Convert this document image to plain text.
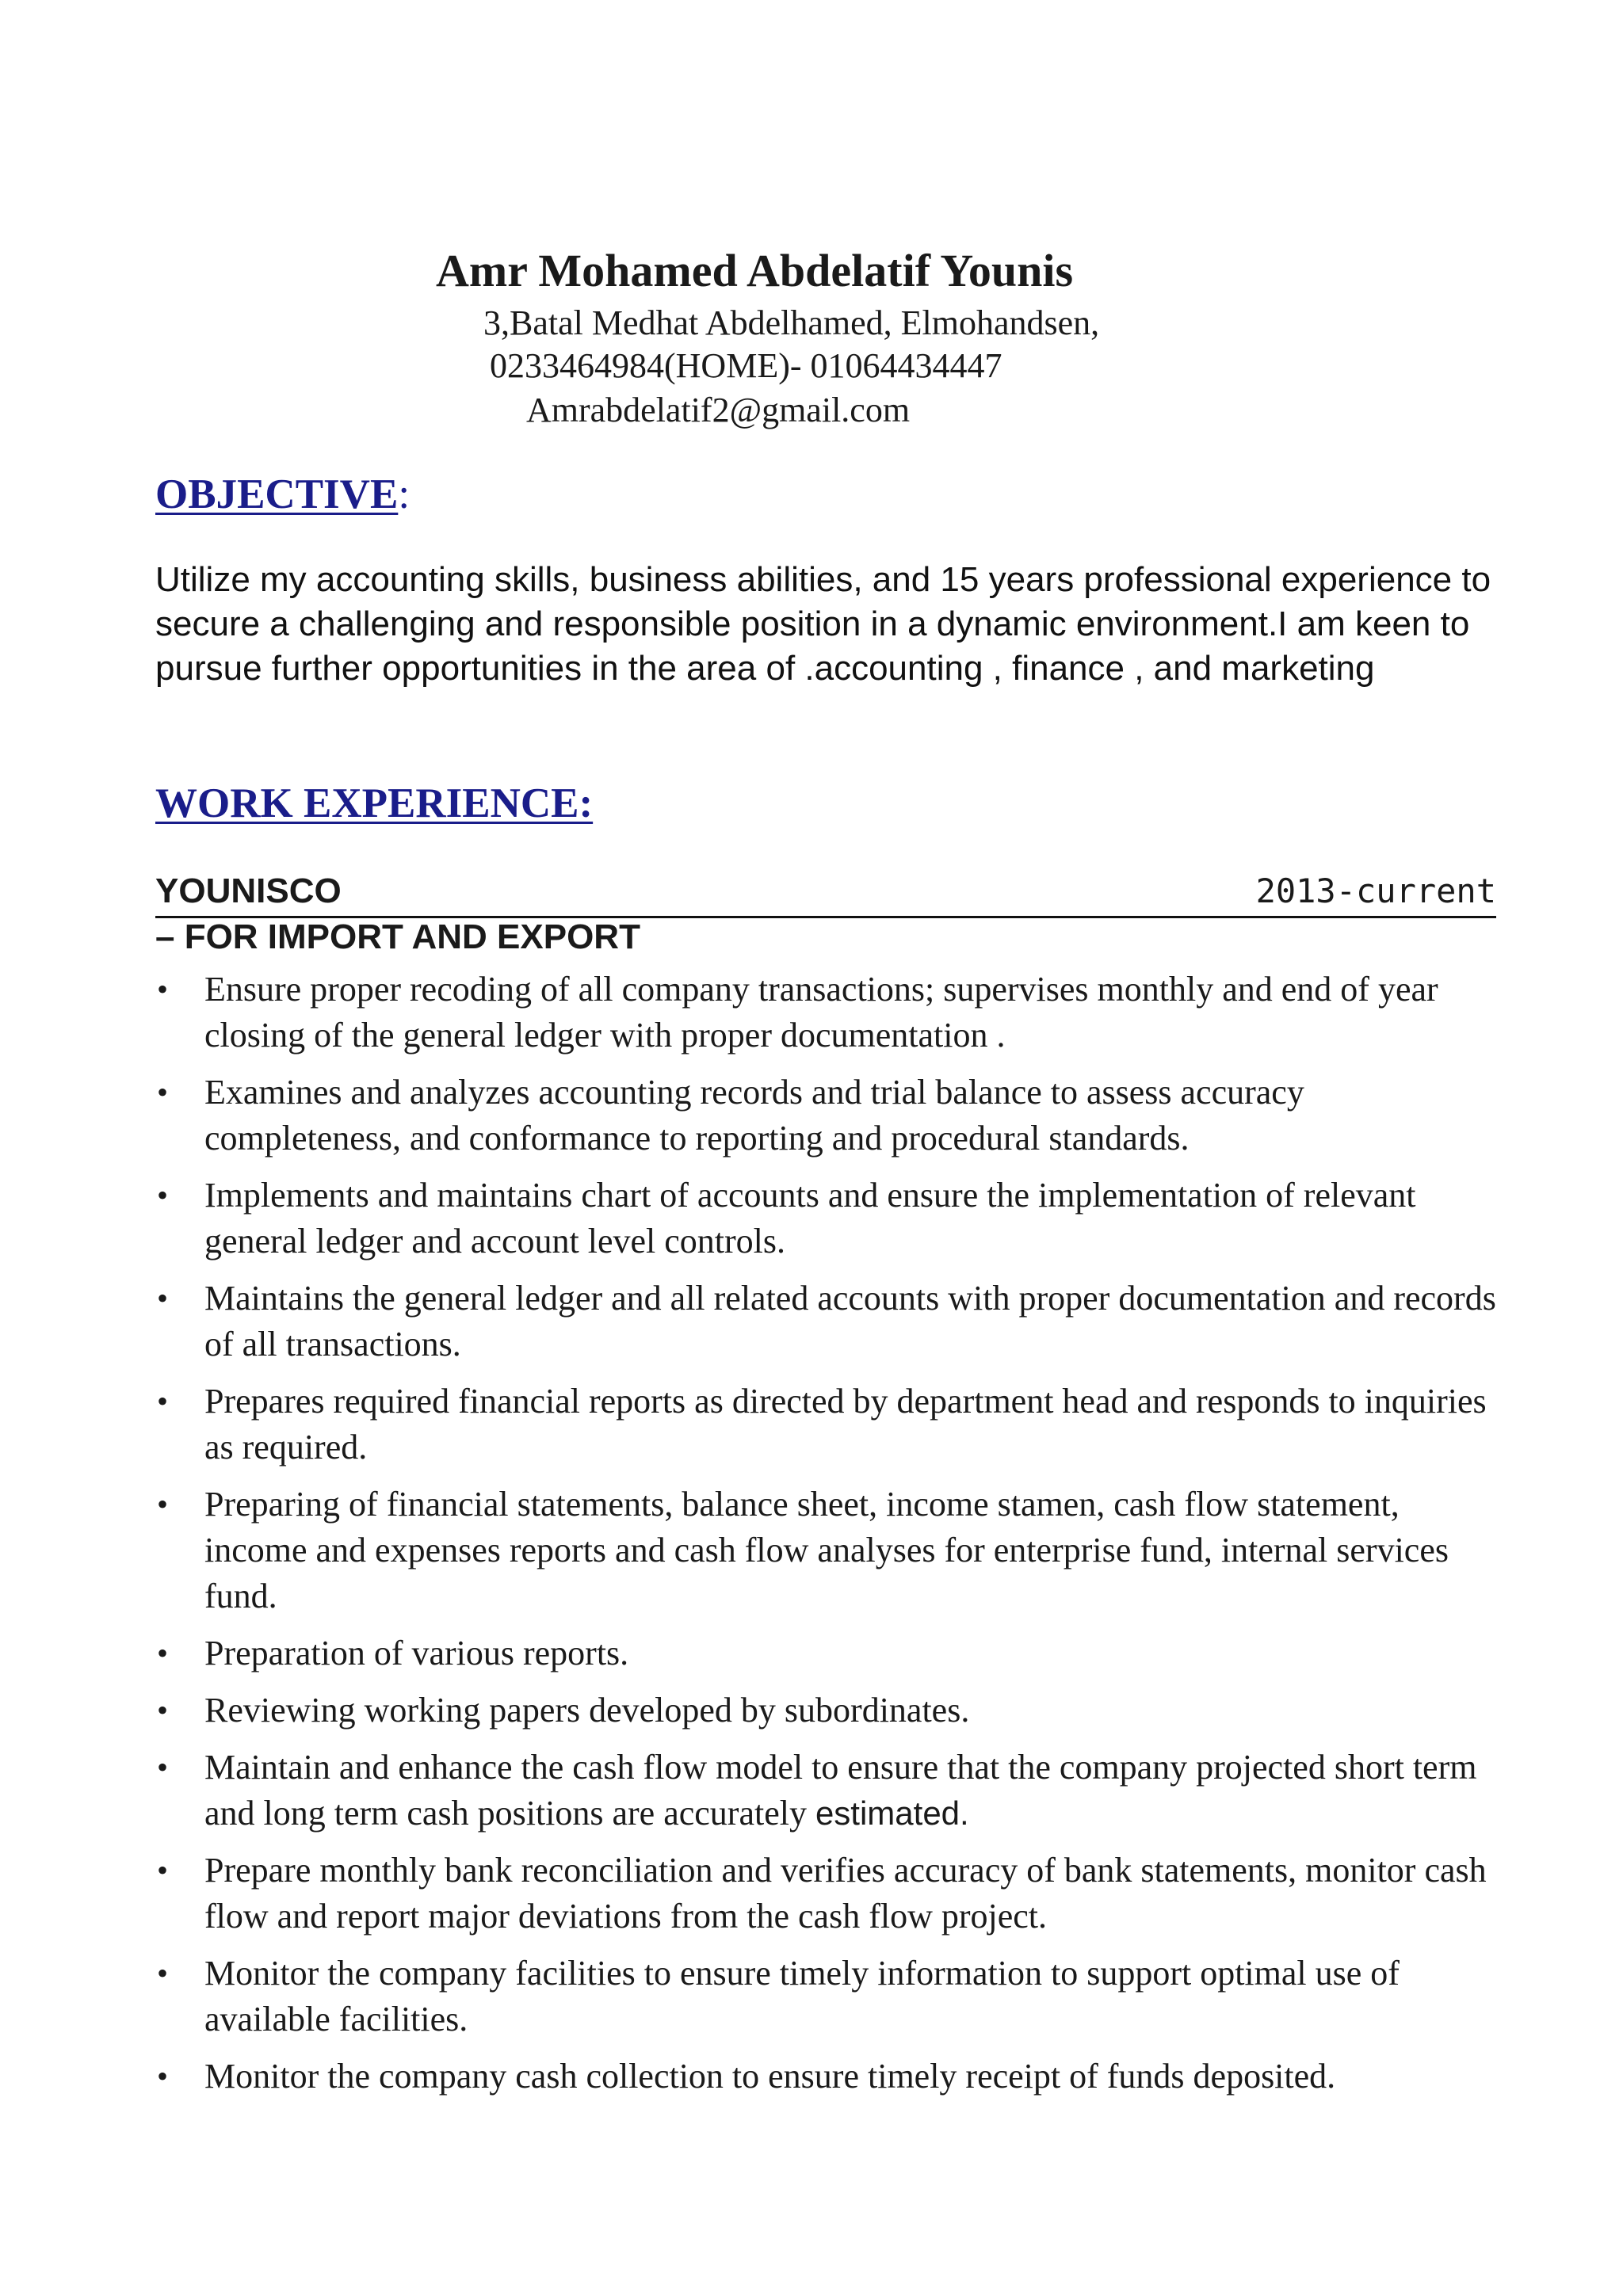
Amr Mohamed Abdelatif Younis
3,Batal Medhat Abdelhamed, Elmohandsen,
0233464984(HOME)- 01064434447
Amrabdelatif2@gmail.com
OBJECTIVE:
Utilize my accounting skills, business abilities, and 15 years professional experience to secure a challenging and responsible position in a dynamic environment.I am keen to pursue further opportunities in the area of .accounting , finance , and marketing
WORK EXPERIENCE:
YOUNISCO	2013-current
– FOR IMPORT AND EXPORT
• Ensure proper recoding of all company transactions; supervises monthly and end of year closing of the general ledger with proper documentation .
• Examines and analyzes accounting records and trial balance to assess accuracy completeness, and conformance to reporting and procedural standards.
• Implements and maintains chart of accounts and ensure the implementation of relevant general ledger and account level controls.
• Maintains the general ledger and all related accounts with proper documentation and records of all transactions.
• Prepares required financial reports as directed by department head and responds to inquiries as required.
• Preparing of financial statements, balance sheet, income stamen, cash flow statement, income and expenses reports and cash flow analyses for enterprise fund, internal services fund.
• Preparation of various reports.
• Reviewing working papers developed by subordinates.
• Maintain and enhance the cash flow model to ensure that the company projected short term and long term cash positions are accurately estimated.
• Prepare monthly bank reconciliation and verifies accuracy of bank statements, monitor cash flow and report major deviations from the cash flow project.
• Monitor the company facilities to ensure timely information to support optimal use of available facilities.
• Monitor the company cash collection to ensure timely receipt of funds deposited.
